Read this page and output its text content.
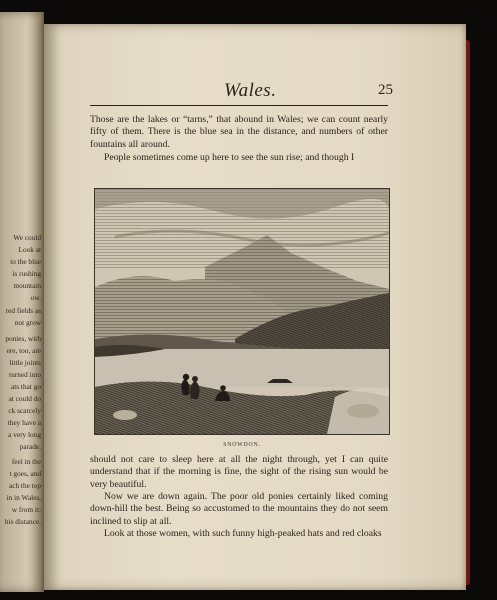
We could
Look at
to the blue
is rushing
mountain
ow.
red fields as
not grow
ponies, with
ere, too, are
little joints
turned into
ats that go
at could do
ck scarcely
they have a
a very long
parade.
feel in the
t goes, and
ach the top
in in Wales,
w from it;
his distance.
Wales.	25

Those are the lakes or “tarns,” that abound in Wales; we can count nearly fifty of them. There is the blue sea in the distance, and numbers of other fountains all around.

People sometimes come up here to see the sun rise; and though I

SNOWDON.

should not care to sleep here at all the night through, yet I can quite understand that if the morning is fine, the sight of the rising sun would be very beautiful.

Now we are down again. The poor old ponies certainly liked coming down-hill the best. Being so accustomed to the mountains they do not seem inclined to slip at all.

Look at those women, with such funny high-peaked hats and red cloaks
